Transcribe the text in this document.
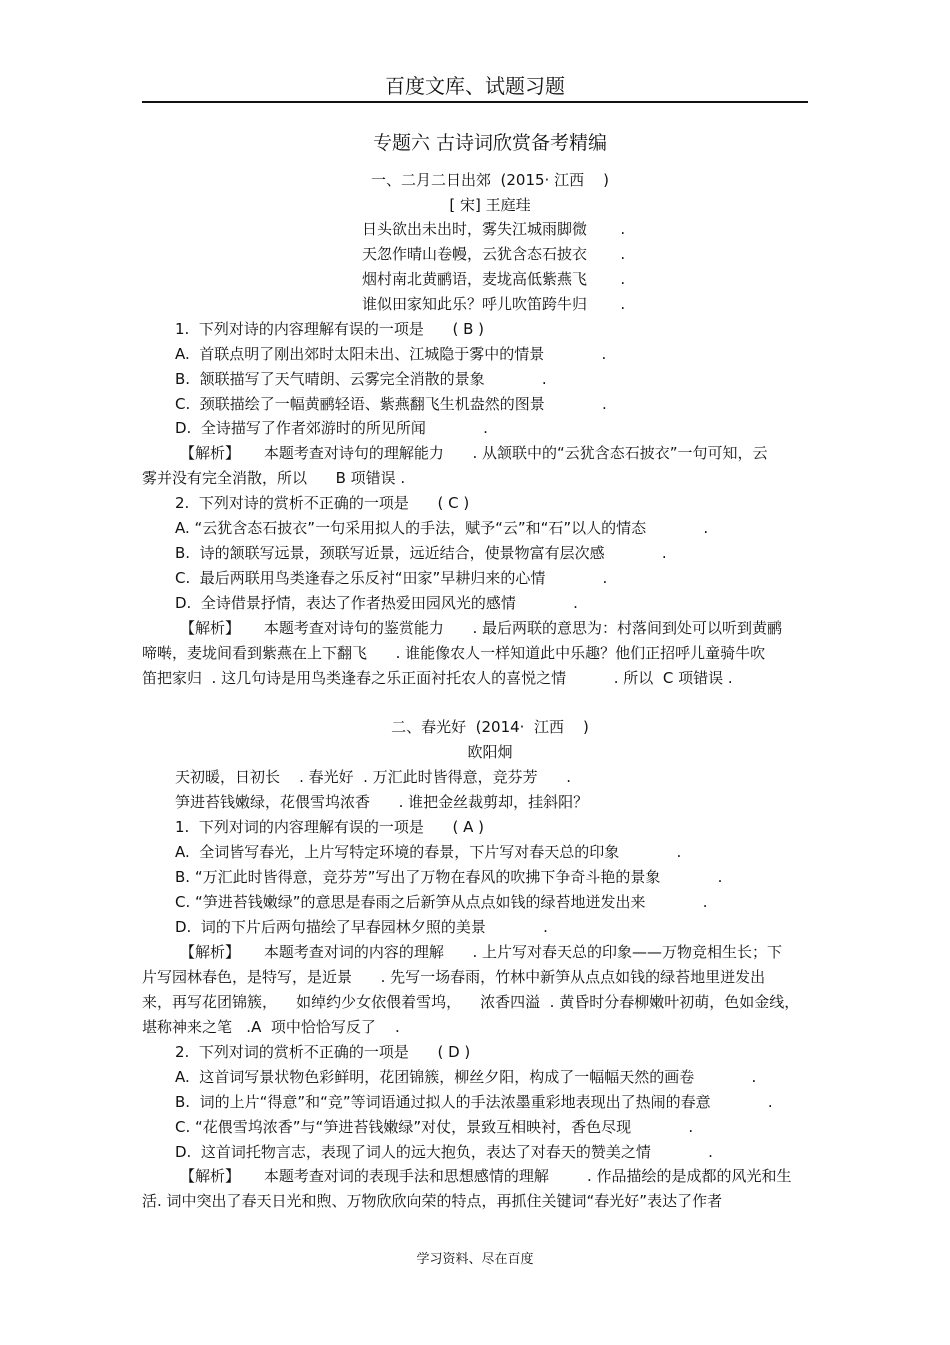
百度文库、试题习题
专题六 古诗词欣赏备考精编
一、二月二日出郊  (2015· 江西    )
[ 宋] 王庭珪
日头欲出未出时，雾失江城雨脚微       .
天忽作晴山卷幔，云犹含态石披衣       .
烟村南北黄鹂语，麦垅高低紫燕飞       .
谁似田家知此乐？呼儿吹笛跨牛归       .
1.  下列对诗的内容理解有误的一项是      ( B )
A.  首联点明了刚出郊时太阳未出、江城隐于雾中的情景            .
B.  颔联描写了天气晴朗、云雾完全消散的景象            .
C.  颈联描绘了一幅黄鹂轻语、紫燕翻飞生机盎然的图景            .
D.  全诗描写了作者郊游时的所见所闻            .
【解析】     本题考查对诗句的理解能力      . 从颔联中的“云犹含态石披衣”一句可知，云
雾并没有完全消散，所以      B 项错误 .
2.  下列对诗的赏析不正确的一项是      ( C )
A. “云犹含态石披衣”一句采用拟人的手法，赋予“云”和“石”以人的情态            .
B.  诗的颔联写远景，颈联写近景，远近结合，使景物富有层次感            .
C.  最后两联用鸟类逢春之乐反衬“田家”早耕归来的心情            .
D.  全诗借景抒情，表达了作者热爱田园风光的感情            .
【解析】     本题考查对诗句的鉴赏能力      . 最后两联的意思为：村落间到处可以听到黄鹂
啼啭，麦垅间看到紫燕在上下翻飞      . 谁能像农人一样知道此中乐趣？他们正招呼儿童骑牛吹
笛把家归  . 这几句诗是用鸟类逢春之乐正面衬托农人的喜悦之情          . 所以  C 项错误 .
二、春光好  (2014·  江西    )
欧阳炯
天初暖，日初长    . 春光好  . 万汇此时皆得意，竞芬芳      .
笋进苔钱嫩绿，花偎雪坞浓香      . 谁把金丝裁剪却，挂斜阳？
1.  下列对词的内容理解有误的一项是      ( A )
A.  全词皆写春光，上片写特定环境的春景，下片写对春天总的印象            .
B. “万汇此时皆得意，竞芬芳”写出了万物在春风的吹拂下争奇斗艳的景象            .
C. “笋进苔钱嫩绿”的意思是春雨之后新笋从点点如钱的绿苔地迸发出来            .
D.  词的下片后两句描绘了早春园林夕照的美景            .
【解析】     本题考查对词的内容的理解      . 上片写对春天总的印象——万物竞相生长；下
片写园林春色，是特写，是近景      . 先写一场春雨，竹林中新笋从点点如钱的绿苔地里迸发出
来，再写花团锦簇，    如绰约少女依偎着雪坞，    浓香四溢  . 黄昏时分春柳嫩叶初萌，色如金线，
堪称神来之笔   .A  项中恰恰写反了    .
2.  下列对词的赏析不正确的一项是      ( D )
A.  这首词写景状物色彩鲜明，花团锦簇，柳丝夕阳，构成了一幅幅天然的画卷            .
B.  词的上片“得意”和“竞”等词语通过拟人的手法浓墨重彩地表现出了热闹的春意            .
C. “花偎雪坞浓香”与“笋进苔钱嫩绿”对仗，景致互相映衬，香色尽现            .
D.  这首词托物言志，表现了词人的远大抱负，表达了对春天的赞美之情            .
【解析】     本题考查对词的表现手法和思想感情的理解        . 作品描绘的是成都的风光和生
活. 词中突出了春天日光和煦、万物欣欣向荣的特点，再抓住关键词“春光好”表达了作者
学习资料、尽在百度
